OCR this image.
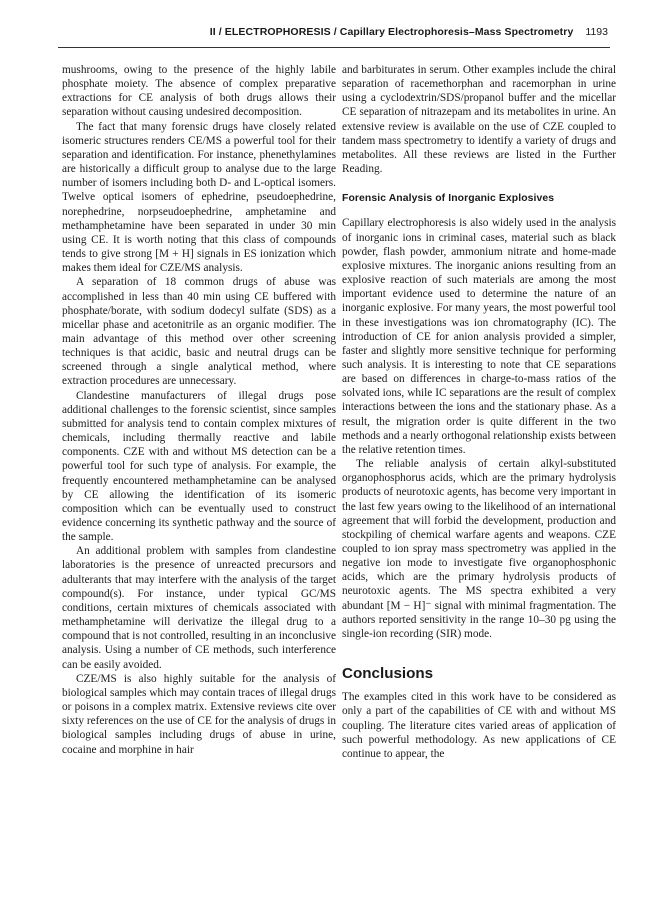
II / ELECTROPHORESIS / Capillary Electrophoresis–Mass Spectrometry 1193

mushrooms, owing to the presence of the highly labile phosphate moiety. The absence of complex preparative extractions for CE analysis of both drugs allows their separation without causing undesired decomposition.

The fact that many forensic drugs have closely related isomeric structures renders CE/MS a powerful tool for their separation and identification. For instance, phenethylamines are historically a difficult group to analyse due to the large number of isomers including both D- and L-optical isomers. Twelve optical isomers of ephedrine, pseudoephedrine, norephedrine, norpseudoephedrine, amphetamine and methamphetamine have been separated in under 30 min using CE. It is worth noting that this class of compounds tends to give strong [M + H] signals in ES ionization which makes them ideal for CZE/MS analysis.

A separation of 18 common drugs of abuse was accomplished in less than 40 min using CE buffered with phosphate/borate, with sodium dodecyl sulfate (SDS) as a micellar phase and acetonitrile as an organic modifier. The main advantage of this method over other screening techniques is that acidic, basic and neutral drugs can be screened through a single analytical method, where extraction procedures are unnecessary.

Clandestine manufacturers of illegal drugs pose additional challenges to the forensic scientist, since samples submitted for analysis tend to contain complex mixtures of chemicals, including thermally reactive and labile components. CZE with and without MS detection can be a powerful tool for such type of analysis. For example, the frequently encountered methamphetamine can be analysed by CE allowing the identification of its isomeric composition which can be eventually used to construct evidence concerning its synthetic pathway and the source of the sample.

An additional problem with samples from clandestine laboratories is the presence of unreacted precursors and adulterants that may interfere with the analysis of the target compound(s). For instance, under typical GC/MS conditions, certain mixtures of chemicals associated with methamphetamine will derivatize the illegal drug to a compound that is not controlled, resulting in an inconclusive analysis. Using a number of CE methods, such interference can be easily avoided.

CZE/MS is also highly suitable for the analysis of biological samples which may contain traces of illegal drugs or poisons in a complex matrix. Extensive reviews cite over sixty references on the use of CE for the analysis of drugs in biological samples including drugs of abuse in urine, cocaine and morphine in hair

and barbiturates in serum. Other examples include the chiral separation of racemethorphan and racemorphan in urine using a cyclodextrin/SDS/propanol buffer and the micellar CE separation of nitrazepam and its metabolites in urine. An extensive review is available on the use of CZE coupled to tandem mass spectrometry to identify a variety of drugs and metabolites. All these reviews are listed in the Further Reading.

Forensic Analysis of Inorganic Explosives

Capillary electrophoresis is also widely used in the analysis of inorganic ions in criminal cases, material such as black powder, flash powder, ammonium nitrate and home-made explosive mixtures. The inorganic anions resulting from an explosive reaction of such materials are among the most important evidence used to determine the nature of an inorganic explosive. For many years, the most powerful tool in these investigations was ion chromatography (IC). The introduction of CE for anion analysis provided a simpler, faster and slightly more sensitive technique for performing such analysis. It is interesting to note that CE separations are based on differences in charge-to-mass ratios of the solvated ions, while IC separations are the result of complex interactions between the ions and the stationary phase. As a result, the migration order is quite different in the two methods and a nearly orthogonal relationship exists between the relative retention times.

The reliable analysis of certain alkyl-substituted organophosphorus acids, which are the primary hydrolysis products of neurotoxic agents, has become very important in the last few years owing to the likelihood of an international agreement that will forbid the development, production and stockpiling of chemical warfare agents and weapons. CZE coupled to ion spray mass spectrometry was applied in the negative ion mode to investigate five organophosphonic acids, which are the primary hydrolysis products of neurotoxic agents. The MS spectra exhibited a very abundant [M − H]⁻ signal with minimal fragmentation. The authors reported sensitivity in the range 10–30 pg using the single-ion recording (SIR) mode.

Conclusions

The examples cited in this work have to be considered as only a part of the capabilities of CE with and without MS coupling. The literature cites varied areas of application of such powerful methodology. As new applications of CE continue to appear, the
